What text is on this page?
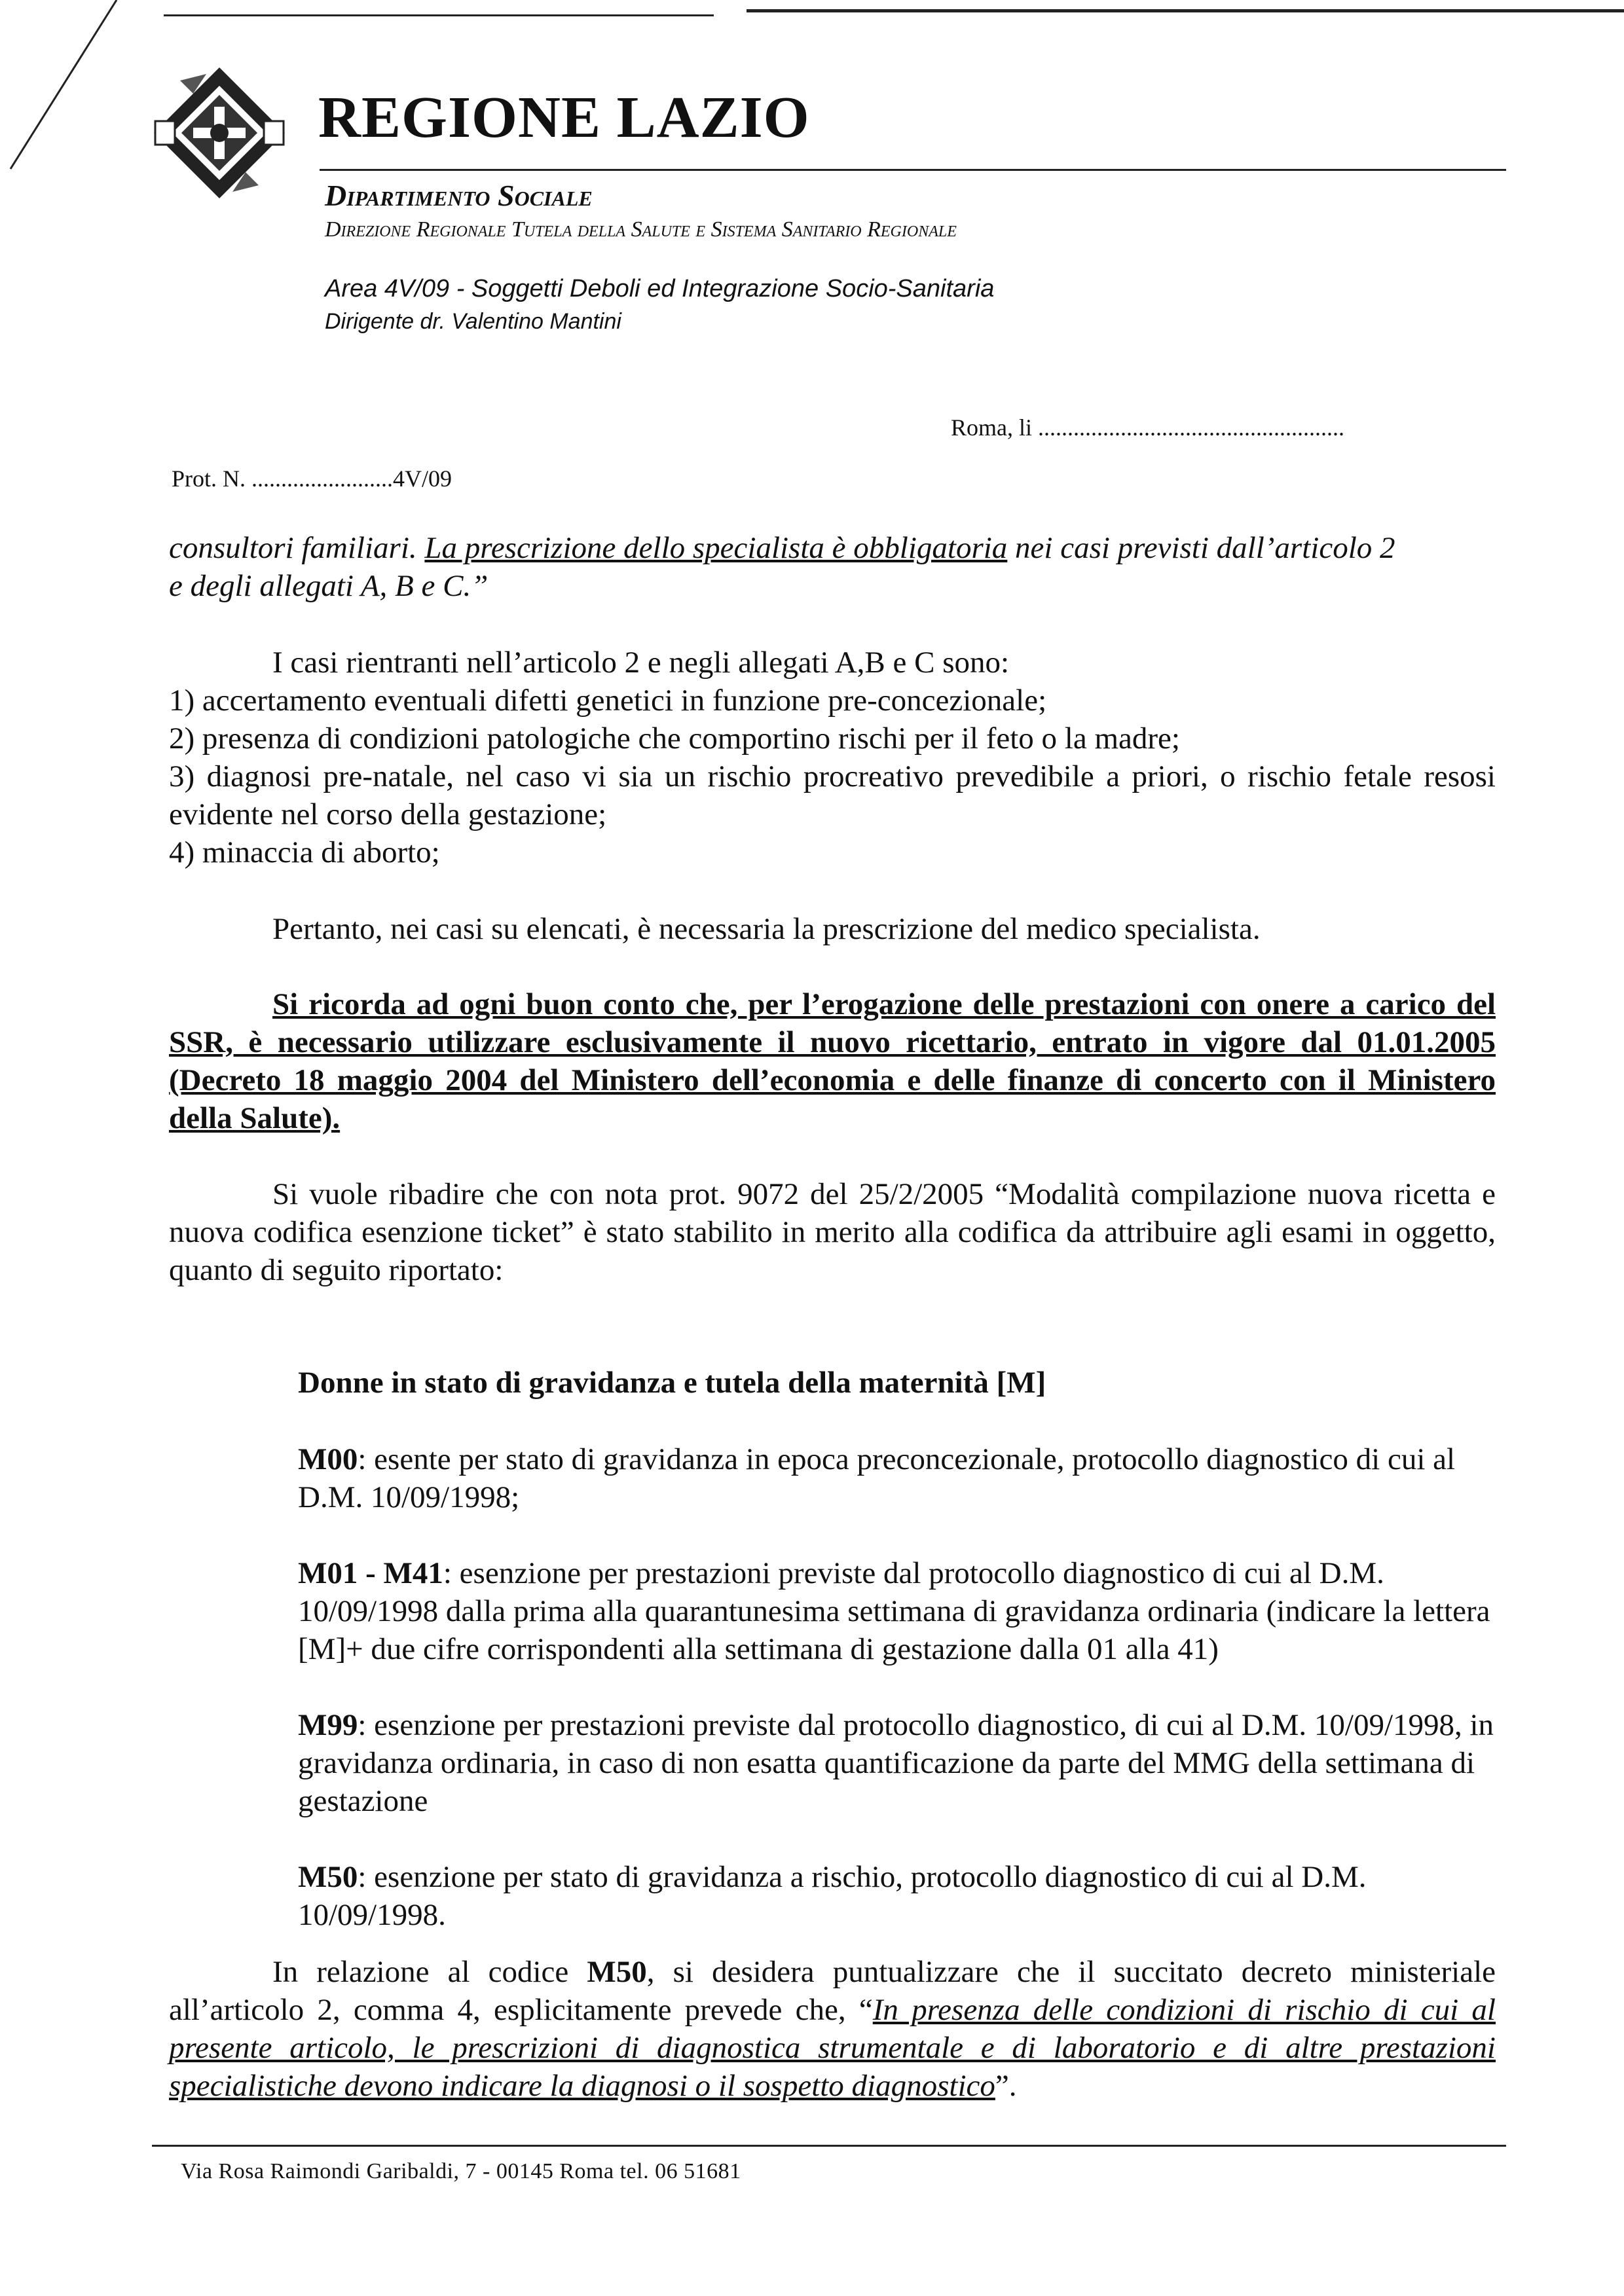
REGIONE LAZIO
Dipartimento Sociale
Direzione Regionale Tutela della Salute e Sistema Sanitario Regionale
Area 4V/09 - Soggetti Deboli ed Integrazione Socio-Sanitaria
Dirigente dr. Valentino Mantini
Roma, li ....................................................
Prot. N. ........................4V/09
consultori familiari. La prescrizione dello specialista è obbligatoria nei casi previsti dall’articolo 2
e degli allegati A, B e C.”
I casi rientranti nell’articolo 2 e negli allegati A,B e C sono:
1) accertamento eventuali difetti genetici in funzione pre-concezionale;
2) presenza di condizioni patologiche che comportino rischi per il feto o la madre;
3) diagnosi pre-natale, nel caso vi sia un rischio procreativo prevedibile a priori, o rischio fetale resosi evidente nel corso della gestazione;
4) minaccia di aborto;
Pertanto, nei casi su elencati, è necessaria la prescrizione del medico specialista.
Si ricorda ad ogni buon conto che, per l’erogazione delle prestazioni con onere a carico del SSR, è necessario utilizzare esclusivamente il nuovo ricettario, entrato in vigore dal 01.01.2005 (Decreto 18 maggio 2004 del Ministero dell’economia e delle finanze di concerto con il Ministero della Salute).
Si vuole ribadire che con nota prot. 9072 del 25/2/2005 “Modalità compilazione nuova ricetta e nuova codifica esenzione ticket” è stato stabilito in merito alla codifica da attribuire agli esami in oggetto, quanto di seguito riportato:
Donne in stato di gravidanza e tutela della maternità [M]
M00: esente per stato di gravidanza in epoca preconcezionale, protocollo diagnostico di cui al D.M. 10/09/1998;
M01 - M41: esenzione per prestazioni previste dal protocollo diagnostico di cui al D.M. 10/09/1998 dalla prima alla quarantunesima settimana di gravidanza ordinaria (indicare la lettera [M]+ due cifre corrispondenti alla settimana di gestazione dalla 01 alla 41)
M99: esenzione per prestazioni previste dal protocollo diagnostico, di cui al D.M. 10/09/1998, in gravidanza ordinaria, in caso di non esatta quantificazione da parte del MMG della settimana di gestazione
M50: esenzione per stato di gravidanza a rischio, protocollo diagnostico di cui al D.M. 10/09/1998.
In relazione al codice M50, si desidera puntualizzare che il succitato decreto ministeriale all’articolo 2, comma 4, esplicitamente prevede che, “In presenza delle condizioni di rischio di cui al presente articolo, le prescrizioni di diagnostica strumentale e di laboratorio e di altre prestazioni specialistiche devono indicare la diagnosi o il sospetto diagnostico”.
Via Rosa Raimondi Garibaldi, 7 - 00145 Roma tel. 06 51681
